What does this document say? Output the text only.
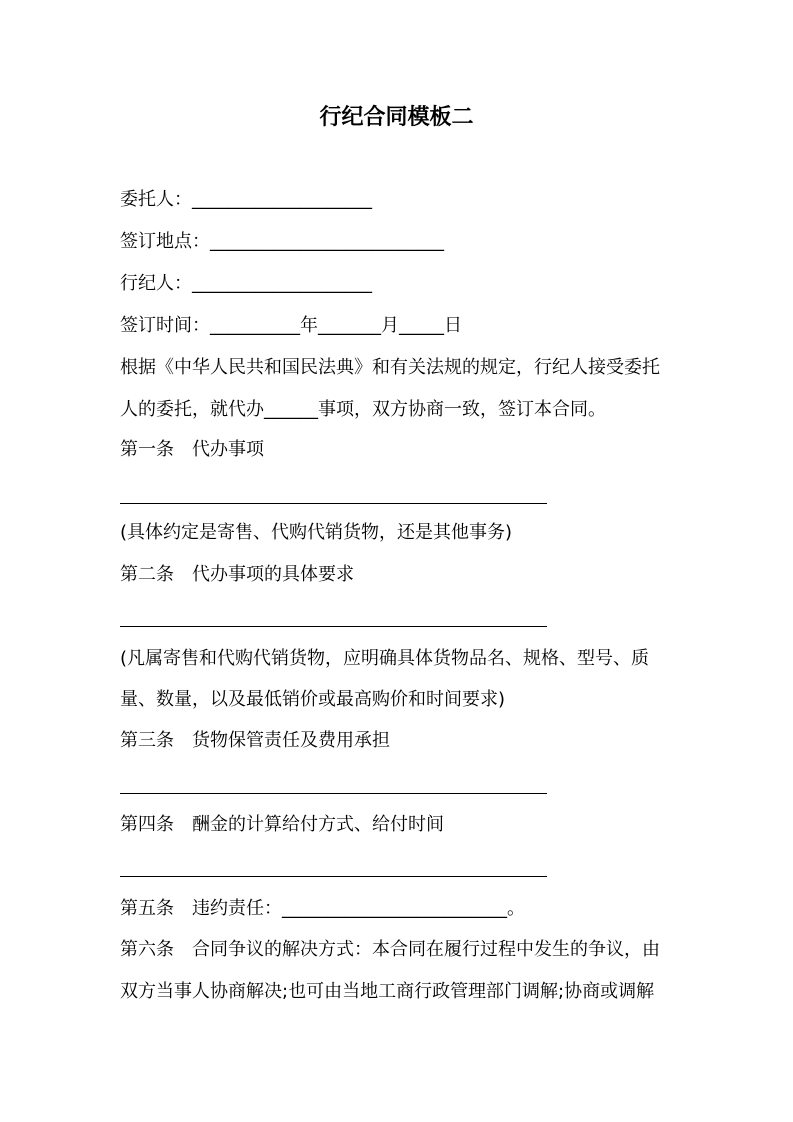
行纪合同模板二
委托人：____________________
签订地点：__________________________
行纪人：____________________
签订时间：__________年_______月_____日
根据《中华人民共和国民法典》和有关法规的规定，行纪人接受委托
人的委托，就代办______事项，双方协商一致，签订本合同。
第一条　代办事项
(具体约定是寄售、代购代销货物，还是其他事务)
第二条　代办事项的具体要求
(凡属寄售和代购代销货物，应明确具体货物品名、规格、型号、质
量、数量，以及最低销价或最高购价和时间要求)
第三条　货物保管责任及费用承担
第四条　酬金的计算给付方式、给付时间
第五条　违约责任：_________________________。
第六条　合同争议的解决方式：本合同在履行过程中发生的争议，由
双方当事人协商解决;也可由当地工商行政管理部门调解;协商或调解
